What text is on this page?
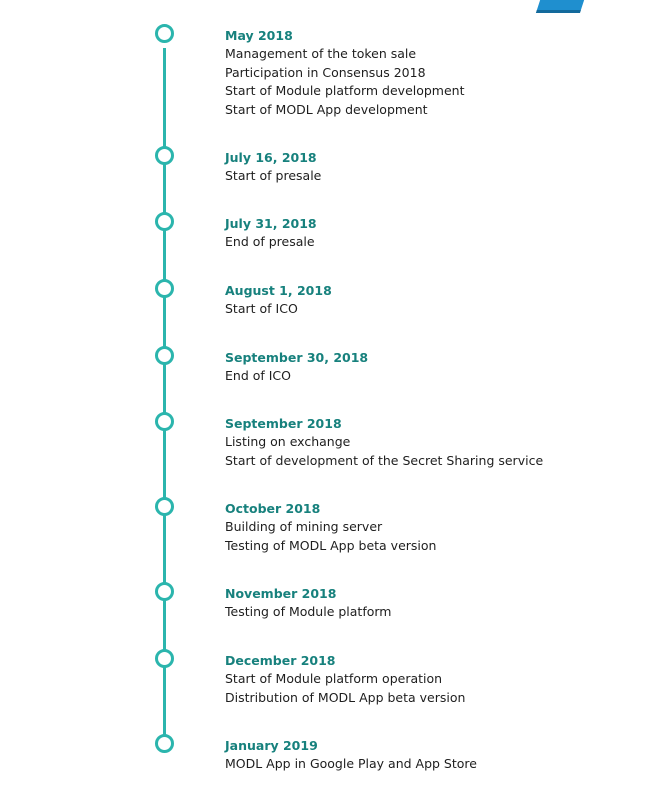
May 2018
Management of the token sale
Participation in Consensus 2018
Start of Module platform development
Start of MODL App development
July 16, 2018
Start of presale
July 31, 2018
End of presale
August 1, 2018
Start of ICO
September 30, 2018
End of ICO
September 2018
Listing on exchange
Start of development of the Secret Sharing service
October 2018
Building of mining server
Testing of MODL App beta version
November 2018
Testing of Module platform
December 2018
Start of Module platform operation
Distribution of MODL App beta version
January 2019
MODL App in Google Play and App Store
